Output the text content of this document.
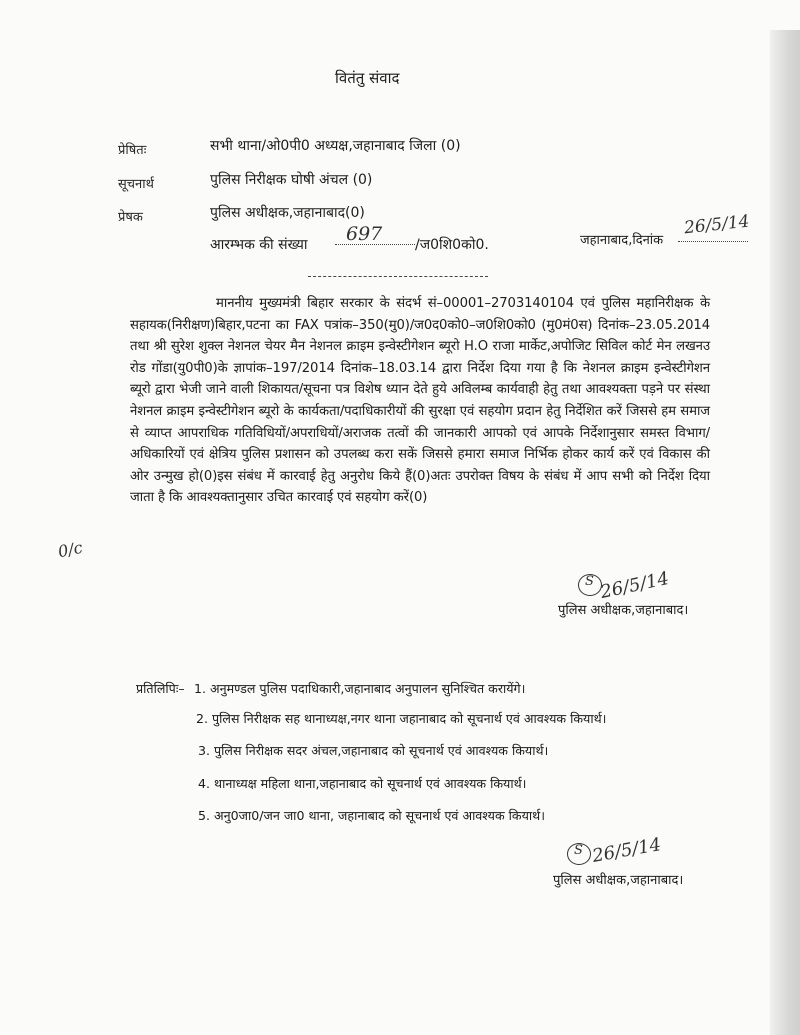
वितंतु संवाद
प्रेषितः	सभी थाना/ओ0पी0 अध्यक्ष,जहानाबाद जिला (0)
सूचनार्थ	पुलिस निरीक्षक घोषी अंचल (0)
प्रेषक	पुलिस अधीक्षक,जहानाबाद(0)
आरम्भक की संख्या 697 /ज0शि0को0.	जहानाबाद,दिनांक
26/5/14
माननीय मुख्यमंत्री बिहार सरकार के संदर्भ सं–00001–2703140104 एवं पुलिस महानिरीक्षक के सहायक(निरीक्षण)बिहार,पटना का FAX पत्रांक–350(मु0)/ज0द0को0–ज0शि0को0 (मु0मं0स) दिनांक–23.05.2014 तथा श्री सुरेश शुक्ल नेशनल चेयर मैन नेशनल क्राइम इन्वेस्टीगेशन ब्यूरो H.O राजा मार्केट,अपोजिट सिविल कोर्ट मेन लखनउ रोड गोंडा(यु0पी0)के ज्ञापांक–197/2014 दिनांक–18.03.14 द्वारा निर्देश दिया गया है कि नेशनल क्राइम इन्वेस्टीगेशन ब्यूरो द्वारा भेजी जाने वाली शिकायत/सूचना पत्र विशेष ध्यान देते हुये अविलम्ब कार्यवाही हेतु तथा आवश्यक्ता पड़ने पर संस्था नेशनल क्राइम इन्वेस्टीगेशन ब्यूरो के कार्यकता/पदाधिकारीयों की सुरक्षा एवं सहयोग प्रदान हेतु निर्देशित करें जिससे हम समाज से व्याप्त आपराधिक गतिविधियों/अपराधियों/अराजक तत्वों की जानकारी आपको एवं आपके निर्देशानुसार समस्त विभाग/अधिकारियों एवं क्षेत्रिय पुलिस प्रशासन को उपलब्ध करा सकें जिससे हमारा समाज निर्भिक होकर कार्य करें एवं विकास की ओर उन्मुख हो(0)इस संबंध में कारवाई हेतु अनुरोध किये हैं(0)अतः उपरोक्त विषय के संबंध में आप सभी को निर्देश दिया जाता है कि आवश्यक्तानुसार उचित कारवाई एवं सहयोग करें(0)
0/c
S 26/5/14
पुलिस अधीक्षक,जहानाबाद।
प्रतिलिपिः– 1. अनुमण्डल पुलिस पदाधिकारी,जहानाबाद अनुपालन सुनिश्चित करायेंगे।
2. पुलिस निरीक्षक सह थानाध्यक्ष,नगर थाना जहानाबाद को सूचनार्थ एवं आवश्यक कियार्थ।
3. पुलिस निरीक्षक सदर अंचल,जहानाबाद को सूचनार्थ एवं आवश्यक कियार्थ।
4. थानाध्यक्ष महिला थाना,जहानाबाद को सूचनार्थ एवं आवश्यक कियार्थ।
5. अनु0जा0/जन जा0 थाना, जहानाबाद को सूचनार्थ एवं आवश्यक कियार्थ।
S 26/5/14
पुलिस अधीक्षक,जहानाबाद।
